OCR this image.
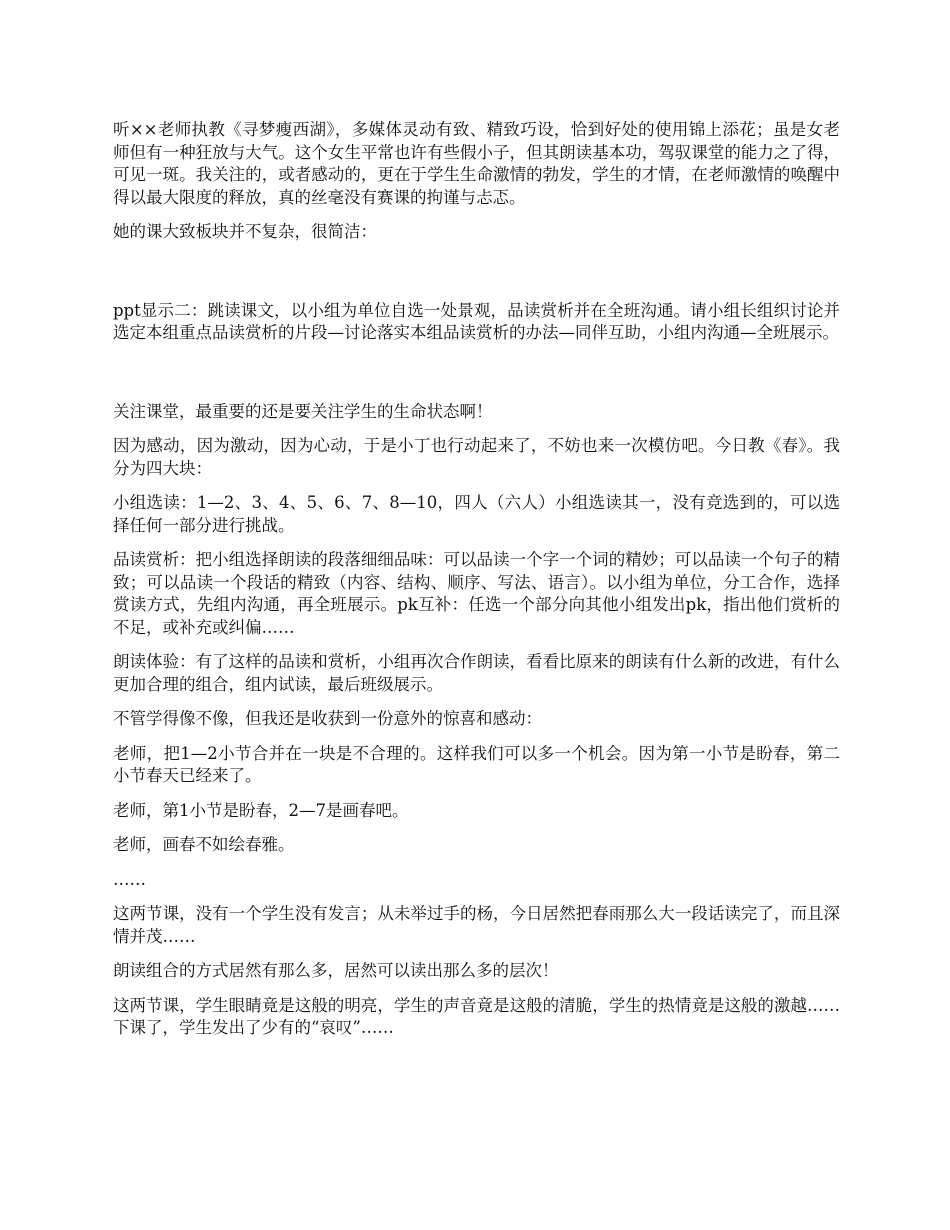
听××老师执教《寻梦瘦西湖》，多媒体灵动有致、精致巧设，恰到好处的使用锦上添花；虽是女老师但有一种狂放与大气。这个女生平常也许有些假小子，但其朗读基本功，驾驭课堂的能力之了得，可见一斑。我关注的，或者感动的，更在于学生生命激情的勃发，学生的才情，在老师激情的唤醒中得以最大限度的释放，真的丝毫没有赛课的拘谨与忐忑。

她的课大致板块并不复杂，很简洁：

ppt显示二：跳读课文，以小组为单位自选一处景观，品读赏析并在全班沟通。请小组长组织讨论并选定本组重点品读赏析的片段—讨论落实本组品读赏析的办法—同伴互助，小组内沟通—全班展示。

关注课堂，最重要的还是要关注学生的生命状态啊！

因为感动，因为激动，因为心动，于是小丁也行动起来了，不妨也来一次模仿吧。今日教《春》。我分为四大块：

小组选读：1—2、3、4、5、6、7、8—10，四人（六人）小组选读其一，没有竞选到的，可以选择任何一部分进行挑战。

品读赏析：把小组选择朗读的段落细细品味：可以品读一个字一个词的精妙；可以品读一个句子的精致；可以品读一个段话的精致（内容、结构、顺序、写法、语言）。以小组为单位，分工合作，选择赏读方式，先组内沟通，再全班展示。pk互补：任选一个部分向其他小组发出pk，指出他们赏析的不足，或补充或纠偏……

朗读体验：有了这样的品读和赏析，小组再次合作朗读，看看比原来的朗读有什么新的改进，有什么更加合理的组合，组内试读，最后班级展示。

不管学得像不像，但我还是收获到一份意外的惊喜和感动：

老师，把1—2小节合并在一块是不合理的。这样我们可以多一个机会。因为第一小节是盼春，第二小节春天已经来了。

老师，第1小节是盼春，2—7是画春吧。

老师，画春不如绘春雅。

……

这两节课，没有一个学生没有发言；从未举过手的杨，今日居然把春雨那么大一段话读完了，而且深情并茂……

朗读组合的方式居然有那么多，居然可以读出那么多的层次！

这两节课，学生眼睛竟是这般的明亮，学生的声音竟是这般的清脆，学生的热情竟是这般的激越……下课了，学生发出了少有的“哀叹”……
